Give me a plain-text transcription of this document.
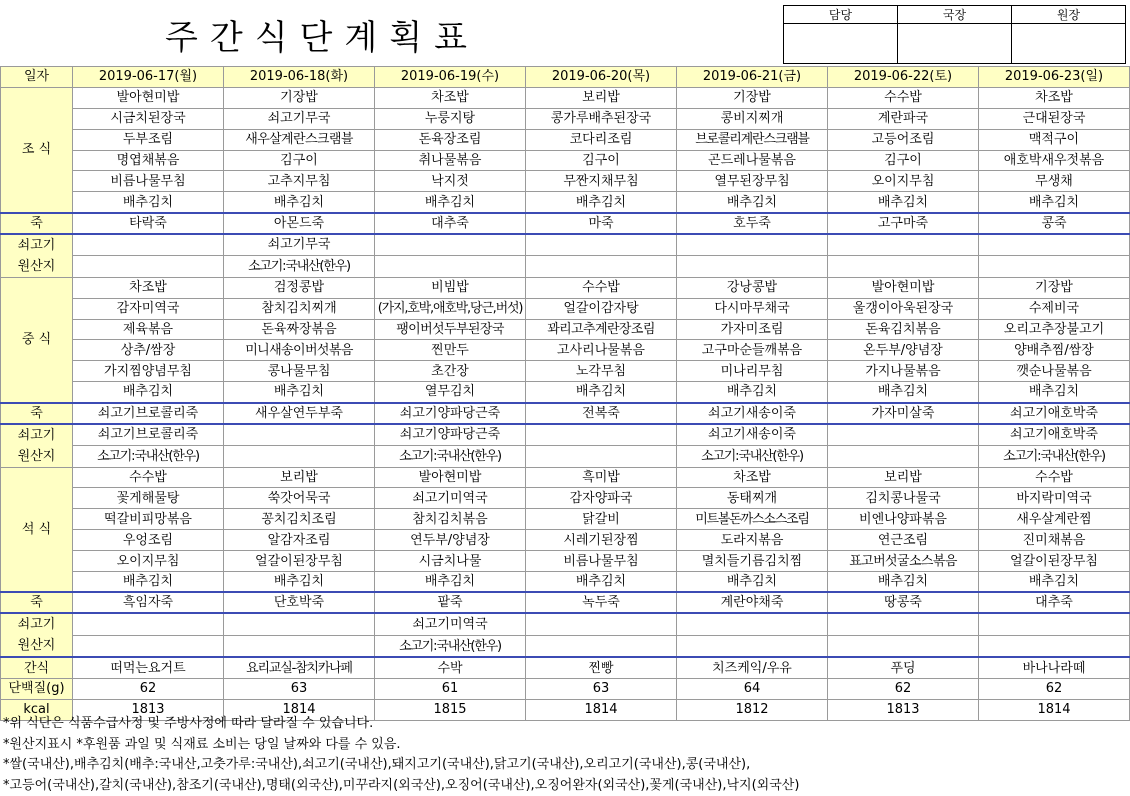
주간식단계획표
담당	국장	원장

일자	2019-06-17(월)	2019-06-18(화)	2019-06-19(수)	2019-06-20(목)	2019-06-21(금)	2019-06-22(토)	2019-06-23(일)
조 식	발아현미밥	기장밥	차조밥	보리밥	기장밥	수수밥	차조밥
	시금치된장국	쇠고기무국	누룽지탕	콩가루배추된장국	콩비지찌개	계란파국	근대된장국
	두부조림	새우살계란스크램블	돈육장조림	코다리조림	브로콜리계란스크램블	고등어조림	맥적구이
	명엽채볶음	김구이	취나물볶음	김구이	곤드레나물볶음	김구이	애호박새우젓볶음
	비름나물무침	고추지무침	낙지젓	무짠지채무침	열무된장무침	오이지무침	무생채
	배추김치	배추김치	배추김치	배추김치	배추김치	배추김치	배추김치
죽	타락죽	아몬드죽	대추죽	마죽	호두죽	고구마죽	콩죽

쇠고기
원산지		쇠고기무국					
		소고기:국내산(한우)					
중 식	차조밥	검정콩밥	비빔밥	수수밥	강낭콩밥	발아현미밥	기장밥
	감자미역국	참치김치찌개	(가지,호박,애호박,당근,버섯)	얼갈이감자탕	다시마무채국	울갱이아욱된장국	수제비국
	제육볶음	돈육짜장볶음	팽이버섯두부된장국	꽈리고추계란장조림	가자미조림	돈육김치볶음	오리고추장불고기
	상추/쌈장	미니새송이버섯볶음	찐만두	고사리나물볶음	고구마순들깨볶음	온두부/양념장	양배추찜/쌈장
	가지찜양념무침	콩나물무침	초간장	노각무침	미나리무침	가지나물볶음	깻순나물볶음
	배추김치	배추김치	열무김치	배추김치	배추김치	배추김치	배추김치
죽	쇠고기브로콜리죽	새우살연두부죽	쇠고기양파당근죽	전복죽	쇠고기새송이죽	가자미살죽	쇠고기애호박죽

쇠고기
원산지	쇠고기브로콜리죽		쇠고기양파당근죽		쇠고기새송이죽		쇠고기애호박죽
	소고기:국내산(한우)		소고기:국내산(한우)		소고기:국내산(한우)		소고기:국내산(한우)
석 식	수수밥	보리밥	발아현미밥	흑미밥	차조밥	보리밥	수수밥
	꽃게해물탕	쑥갓어묵국	쇠고기미역국	감자양파국	동태찌개	김치콩나물국	바지락미역국
	떡갈비피망볶음	꽁치김치조림	참치김치볶음	닭갈비	미트볼돈까스소스조림	비엔나양파볶음	새우살계란찜
	우엉조림	알감자조림	연두부/양념장	시레기된장찜	도라지볶음	연근조림	진미채볶음
	오이지무침	얼갈이된장무침	시금치나물	비름나물무침	멸치들기름김치찜	표고버섯굴소스볶음	얼갈이된장무침
	배추김치	배추김치	배추김치	배추김치	배추김치	배추김치	배추김치
죽	흑임자죽	단호박죽	팥죽	녹두죽	계란야채죽	땅콩죽	대추죽

쇠고기
원산지			쇠고기미역국				
			소고기:국내산(한우)				
간식	떠먹는요거트	요리교실-참치카나페	수박	찐빵	치즈케익/우유	푸딩	바나나라떼
단백질(g)	62	63	61	63	64	62	62
kcal	1813	1814	1815	1814	1812	1813	1814
*위 식단은 식품수급사정 및 주방사정에 따라 달라질 수 있습니다.
*원산지표시 *후원품 과일 및 식재료 소비는 당일 날짜와 다를 수 있음.
*쌀(국내산),배추김치(배추:국내산,고춧가루:국내산),쇠고기(국내산),돼지고기(국내산),닭고기(국내산),오리고기(국내산),콩(국내산),
*고등어(국내산),갈치(국내산),참조기(국내산),명태(외국산),미꾸라지(외국산),오징어(국내산),오징어완자(외국산),꽃게(국내산),낙지(외국산)
